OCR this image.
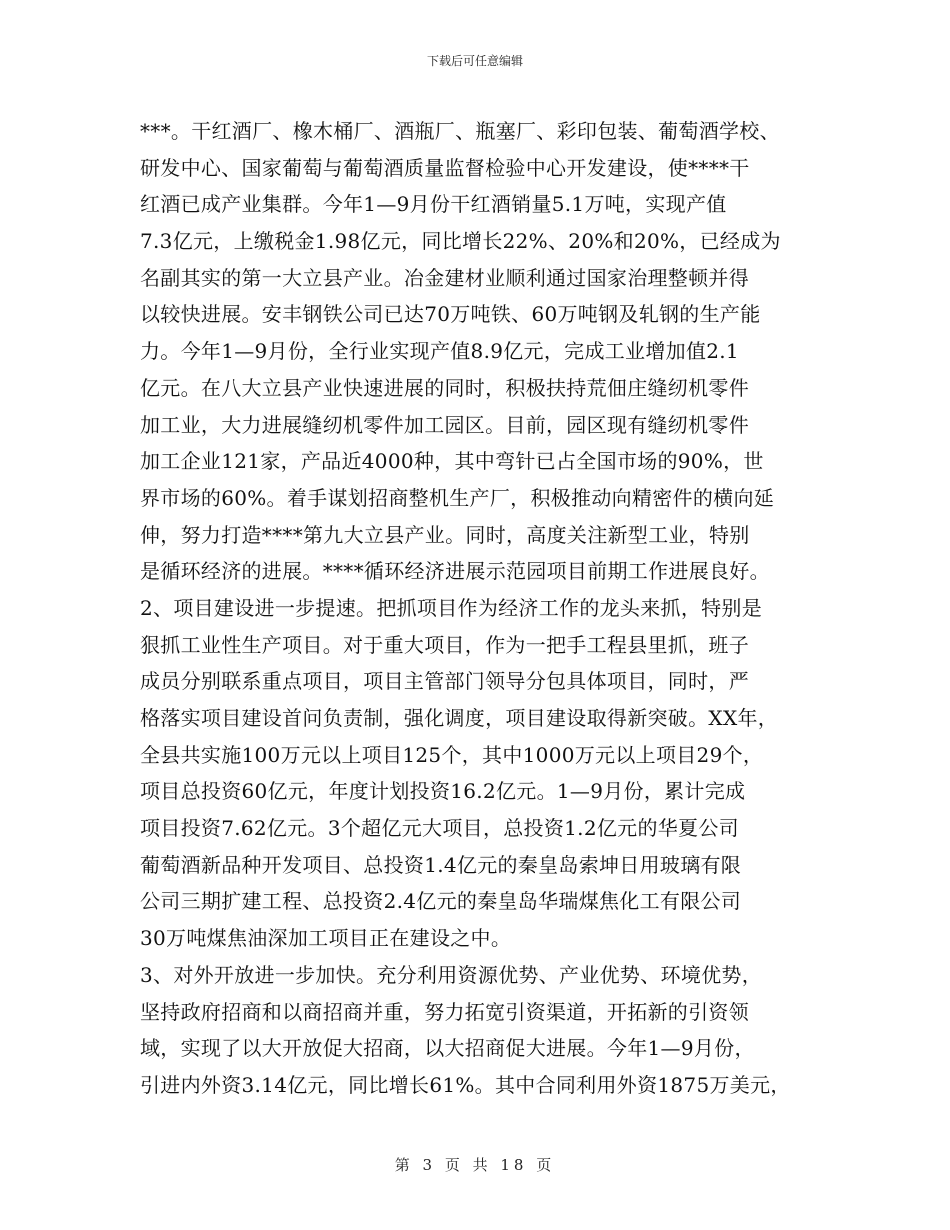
下载后可任意编辑
***。干红酒厂、橡木桶厂、酒瓶厂、瓶塞厂、彩印包装、葡萄酒学校、
研发中心、国家葡萄与葡萄酒质量监督检验中心开发建设，使****干
红酒已成产业集群。今年1—9月份干红酒销量5.1万吨，实现产值
7.3亿元，上缴税金1.98亿元，同比增长22%、20%和20%，已经成为
名副其实的第一大立县产业。冶金建材业顺利通过国家治理整顿并得
以较快进展。安丰钢铁公司已达70万吨铁、60万吨钢及轧钢的生产能
力。今年1—9月份，全行业实现产值8.9亿元，完成工业增加值2.1
亿元。在八大立县产业快速进展的同时，积极扶持荒佃庄缝纫机零件
加工业，大力进展缝纫机零件加工园区。目前，园区现有缝纫机零件
加工企业121家，产品近4000种，其中弯针已占全国市场的90%，世
界市场的60%。着手谋划招商整机生产厂，积极推动向精密件的横向延
伸，努力打造****第九大立县产业。同时，高度关注新型工业，特别
是循环经济的进展。****循环经济进展示范园项目前期工作进展良好。
2、项目建设进一步提速。把抓项目作为经济工作的龙头来抓，特别是
狠抓工业性生产项目。对于重大项目，作为一把手工程县里抓，班子
成员分别联系重点项目，项目主管部门领导分包具体项目，同时，严
格落实项目建设首问负责制，强化调度，项目建设取得新突破。XX年，
全县共实施100万元以上项目125个，其中1000万元以上项目29个，
项目总投资60亿元，年度计划投资16.2亿元。1—9月份，累计完成
项目投资7.62亿元。3个超亿元大项目，总投资1.2亿元的华夏公司
葡萄酒新品种开发项目、总投资1.4亿元的秦皇岛索坤日用玻璃有限
公司三期扩建工程、总投资2.4亿元的秦皇岛华瑞煤焦化工有限公司
30万吨煤焦油深加工项目正在建设之中。
3、对外开放进一步加快。充分利用资源优势、产业优势、环境优势，
坚持政府招商和以商招商并重，努力拓宽引资渠道，开拓新的引资领
域，实现了以大开放促大招商，以大招商促大进展。今年1—9月份，
引进内外资3.14亿元，同比增长61%。其中合同利用外资1875万美元，
第 3 页 共 18 页
